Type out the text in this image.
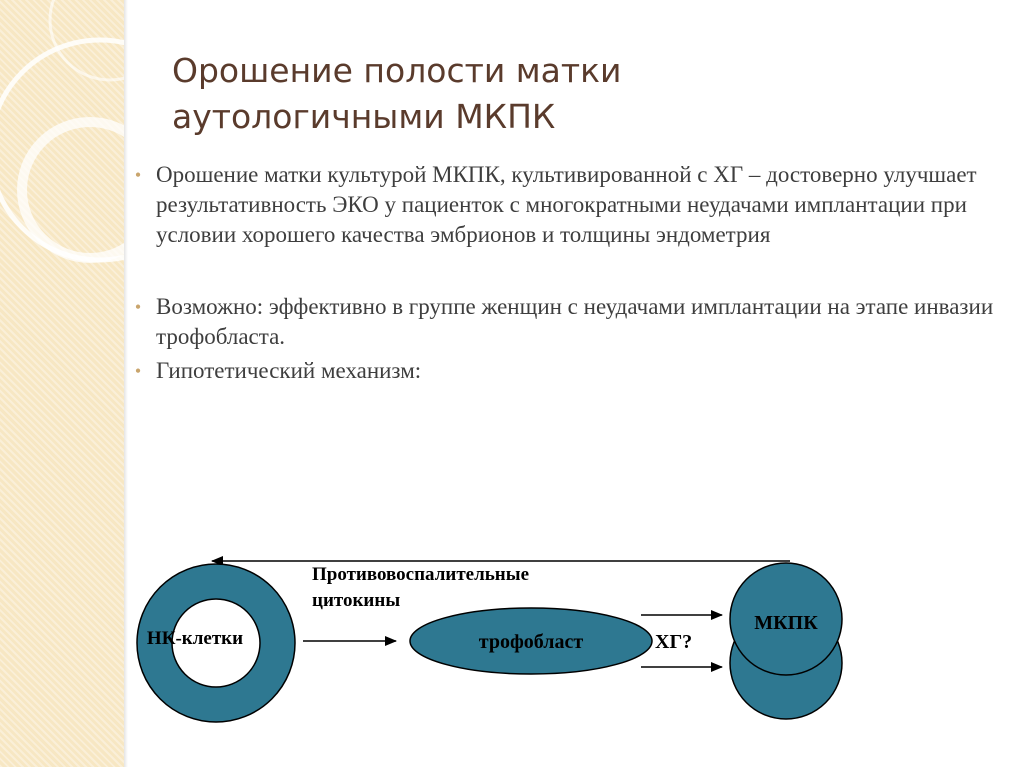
Орошение полости матки
аутологичными МКПК
• Орошение матки культурой МКПК, культивированной с ХГ – достоверно улучшает результативность ЭКО у пациенток с многократными неудачами имплантации при условии хорошего качества эмбрионов и толщины эндометрия
• Возможно: эффективно в группе женщин с неудачами имплантации на этапе инвазии трофобласта.
• Гипотетический механизм:
НК-клетки
Противовоспалительные
цитокины
трофобласт	ХГ?
МКПК
